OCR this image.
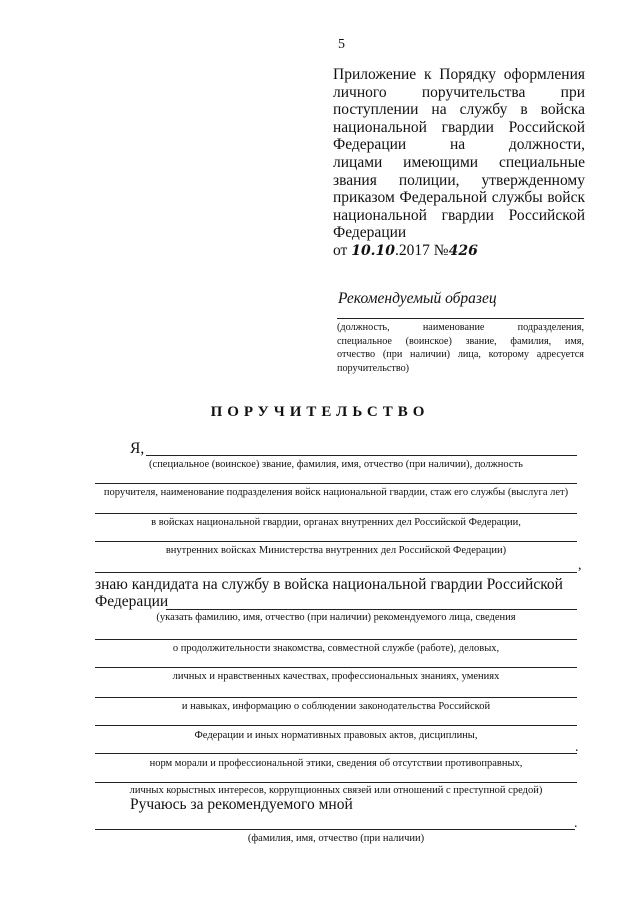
5
Приложение к Порядку оформления
личного поручительства при
поступлении на службу в войска
национальной гвардии Российской
Федерации на должности,
лицами имеющими специальные
звания полиции, утвержденному
приказом Федеральной службы войск
национальной гвардии Российской
Федерации
от 10.10.2017 №426
Рекомендуемый образец
(должность, наименование подразделения,
специальное (воинское) звание, фамилия, имя,
отчество (при наличии) лица, которому адресуется
поручительство)
ПОРУЧИТЕЛЬСТВО
Я,
(специальное (воинское) звание, фамилия, имя, отчество (при наличии), должность
поручителя, наименование подразделения войск национальной гвардии, стаж его службы (выслуга лет)
в войсках национальной гвардии, органах внутренних дел Российской Федерации,
внутренних войсках Министерства внутренних дел Российской Федерации)
,
знаю кандидата на службу в войска национальной гвардии Российской
Федерации
(указать фамилию, имя, отчество (при наличии) рекомендуемого лица, сведения
о продолжительности знакомства, совместной службе (работе), деловых,
личных и нравственных качествах, профессиональных знаниях, умениях
и навыках, информацию о соблюдении законодательства Российской
Федерации и иных нормативных правовых актов, дисциплины,
.
норм морали и профессиональной этики, сведения об отсутствии противоправных,
личных корыстных интересов, коррупционных связей или отношений с преступной средой)
Ручаюсь за рекомендуемого мной
.
(фамилия, имя, отчество (при наличии)
